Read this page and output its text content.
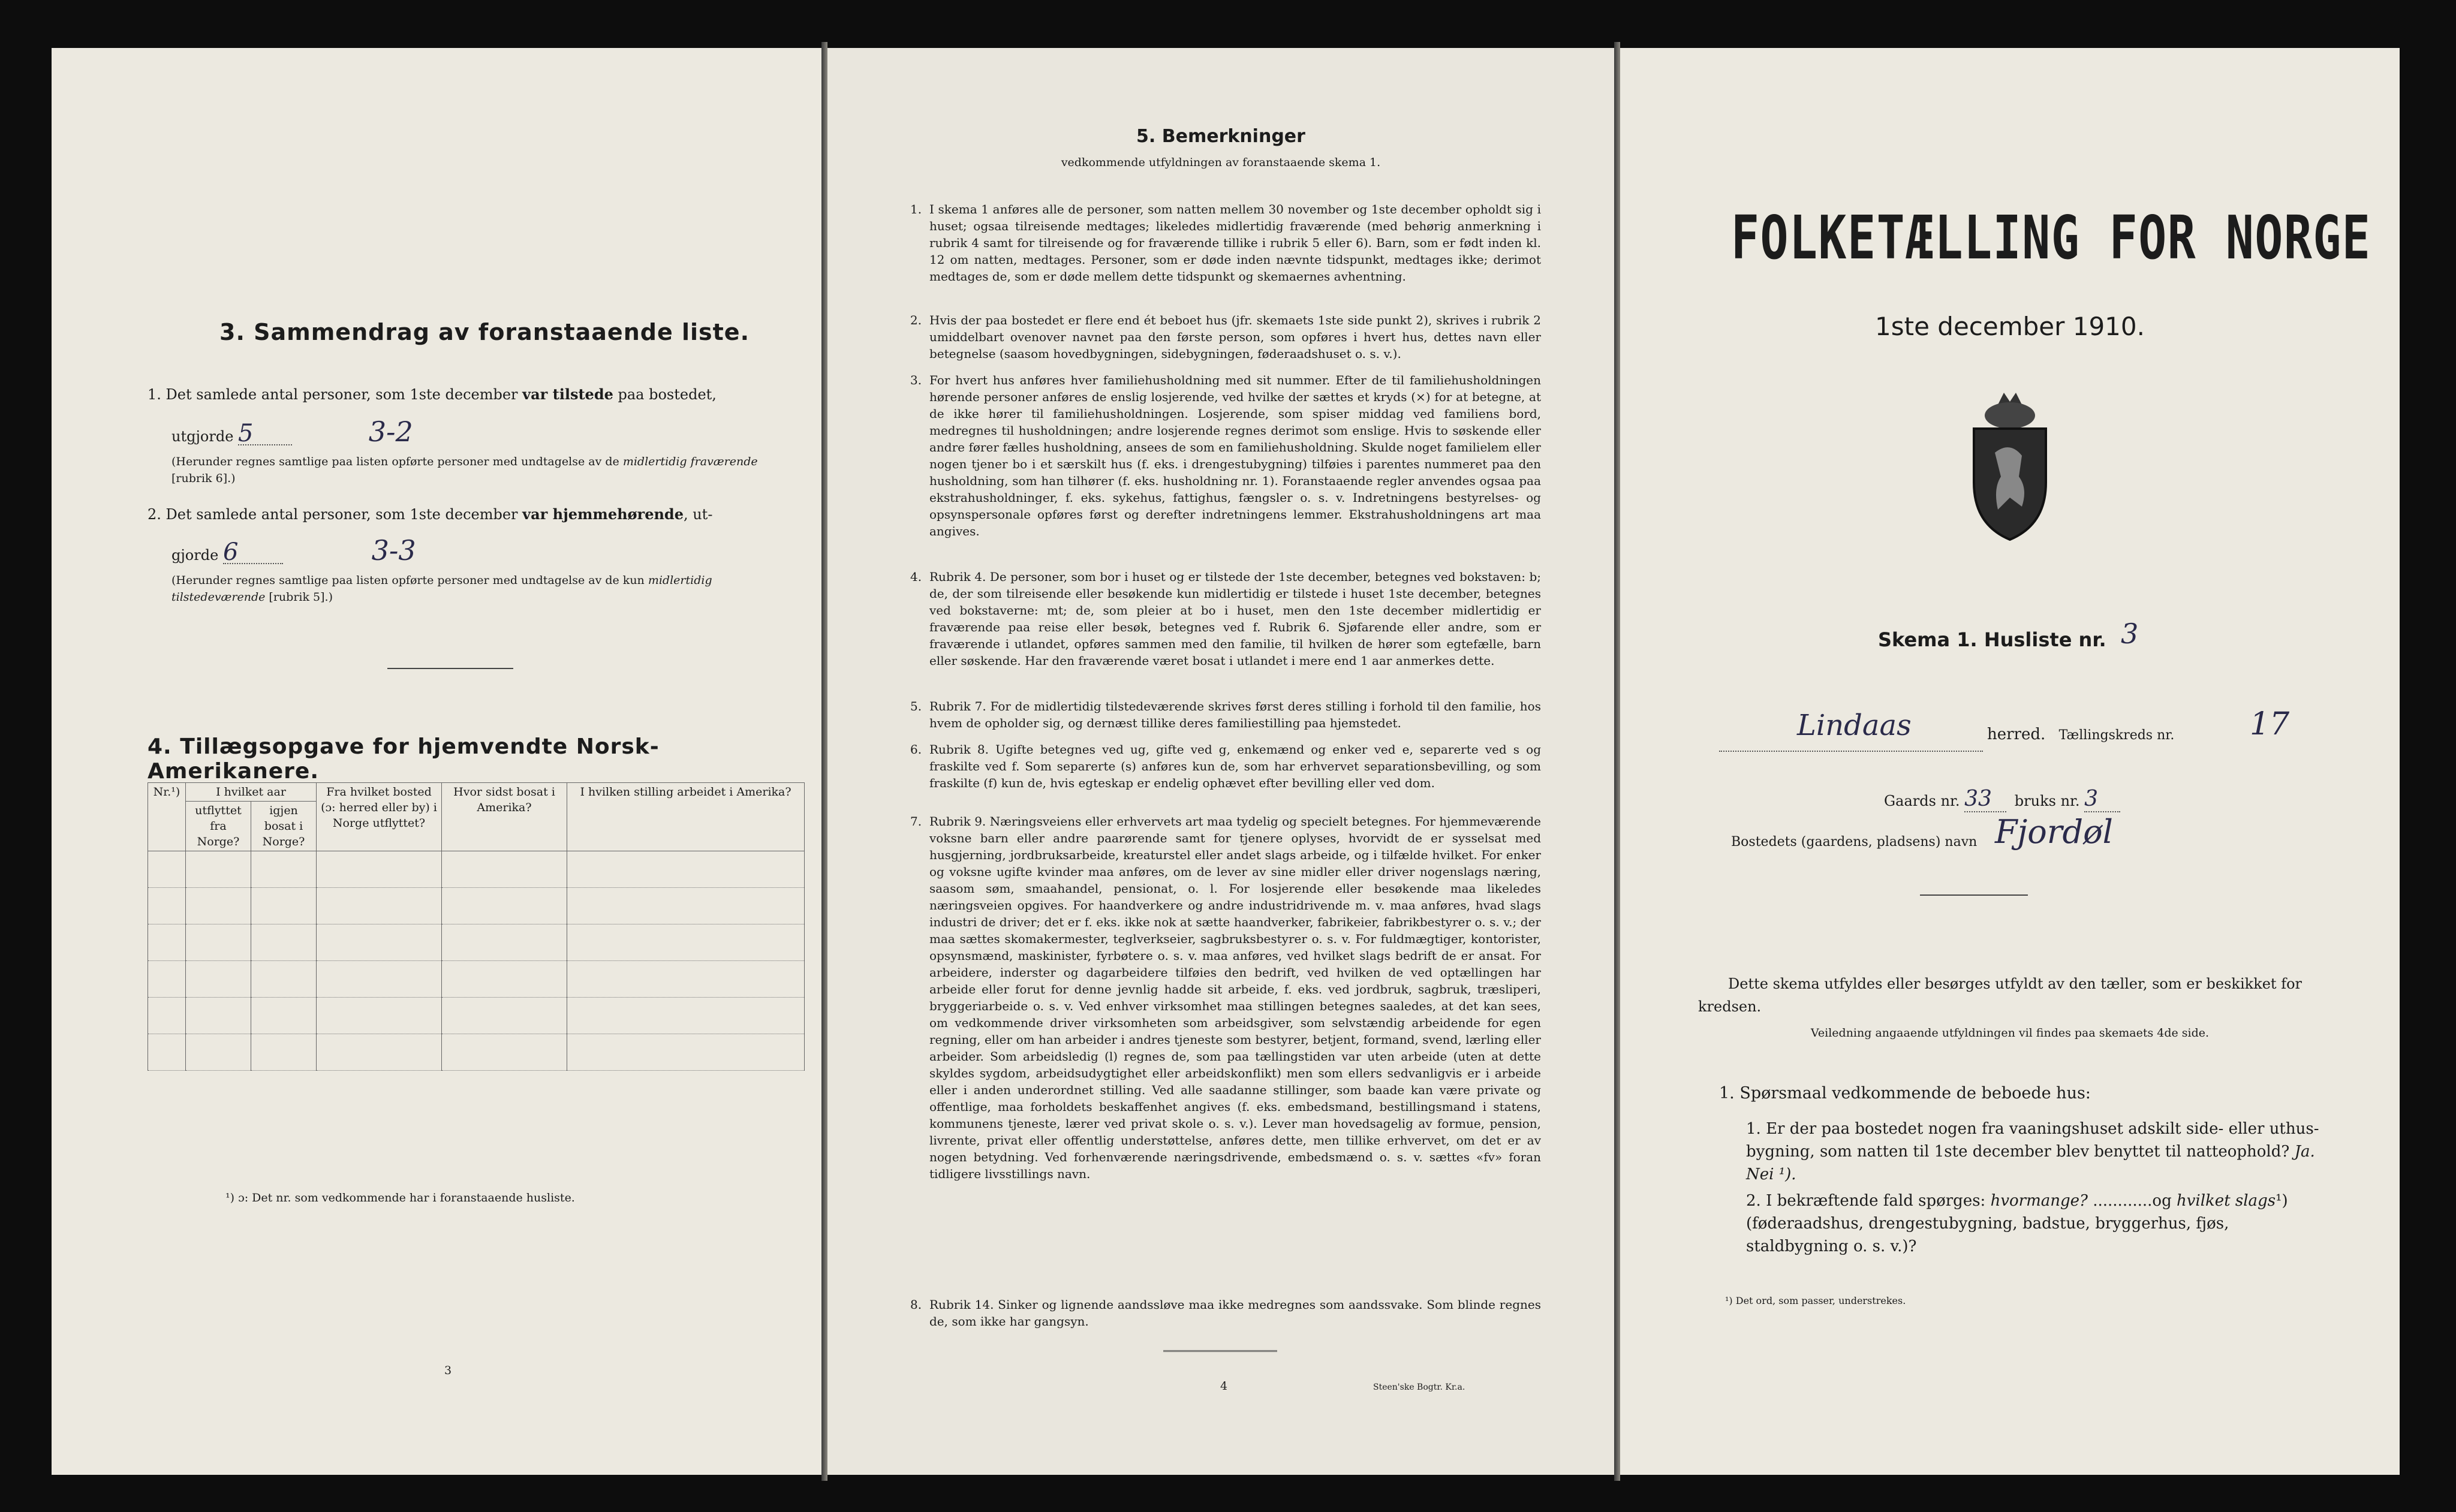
3. Sammendrag av foranstaaende liste.
1. Det samlede antal personer, som 1ste december var tilstede paa bostedet,
utgjorde 5	3-2
(Herunder regnes samtlige paa listen opførte personer med undtagelse av de midlertidig fraværende [rubrik 6].)
2. Det samlede antal personer, som 1ste december var hjemmehørende, ut-
gjorde 6	3-3
(Herunder regnes samtlige paa listen opførte personer med undtagelse av de kun midlertidig tilstedeværende [rubrik 5].)
4. Tillægsopgave for hjemvendte Norsk-Amerikanere.
Nr.¹)	I hvilket aar		Fra hvilket bosted (ɔ: herred eller by) i Norge utflyttet?	Hvor sidst bosat i Amerika?	I hvilken stilling arbeidet i Amerika?
	utflyttet fra Norge?	igjen bosat i Norge?			

¹) ɔ: Det nr. som vedkommende har i foranstaaende husliste.
3
5. Bemerkninger
vedkommende utfyldningen av foranstaaende skema 1.
1. I skema 1 anføres alle de personer, som natten mellem 30 november og 1ste december opholdt sig i huset; ogsaa tilreisende medtages; likeledes midlertidig fraværende (med behørig anmerkning i rubrik 4 samt for tilreisende og for fraværende tillike i rubrik 5 eller 6). Barn, som er født inden kl. 12 om natten, medtages. Personer, som er døde inden nævnte tidspunkt, medtages ikke; derimot medtages de, som er døde mellem dette tidspunkt og skemaernes avhentning.
2. Hvis der paa bostedet er flere end ét beboet hus (jfr. skemaets 1ste side punkt 2), skrives i rubrik 2 umiddelbart ovenover navnet paa den første person, som opføres i hvert hus, dettes navn eller betegnelse (saasom hovedbygningen, sidebygningen, føderaadshuset o. s. v.).
3. For hvert hus anføres hver familiehusholdning med sit nummer. Efter de til familiehusholdningen hørende personer anføres de enslig losjerende, ved hvilke der sættes et kryds (×) for at betegne, at de ikke hører til familiehusholdningen. Losjerende, som spiser middag ved familiens bord, medregnes til husholdningen; andre losjerende regnes derimot som enslige. Hvis to søskende eller andre fører fælles husholdning, ansees de som en familiehusholdning. Skulde noget familielem eller nogen tjener bo i et særskilt hus (f. eks. i drengestubygning) tilføies i parentes nummeret paa den husholdning, som han tilhører (f. eks. husholdning nr. 1). Foranstaaende regler anvendes ogsaa paa ekstrahusholdninger, f. eks. sykehus, fattighus, fængsler o. s. v. Indretningens bestyrelses- og opsynspersonale opføres først og derefter indretningens lemmer. Ekstrahusholdningens art maa angives.
4. Rubrik 4. De personer, som bor i huset og er tilstede der 1ste december, betegnes ved bokstaven: b; de, der som tilreisende eller besøkende kun midlertidig er tilstede i huset 1ste december, betegnes ved bokstaverne: mt; de, som pleier at bo i huset, men den 1ste december midlertidig er fraværende paa reise eller besøk, betegnes ved f. Rubrik 6. Sjøfarende eller andre, som er fraværende i utlandet, opføres sammen med den familie, til hvilken de hører som egtefælle, barn eller søskende. Har den fraværende været bosat i utlandet i mere end 1 aar anmerkes dette.
5. Rubrik 7. For de midlertidig tilstedeværende skrives først deres stilling i forhold til den familie, hos hvem de opholder sig, og dernæst tillike deres familiestilling paa hjemstedet.
6. Rubrik 8. Ugifte betegnes ved ug, gifte ved g, enkemænd og enker ved e, separerte ved s og fraskilte ved f. Som separerte (s) anføres kun de, som har erhvervet separationsbevilling, og som fraskilte (f) kun de, hvis egteskap er endelig ophævet efter bevilling eller ved dom.
7. Rubrik 9. Næringsveiens eller erhvervets art maa tydelig og specielt betegnes. For hjemmeværende voksne barn eller andre paarørende samt for tjenere oplyses, hvorvidt de er sysselsat med husgjerning, jordbruksarbeide, kreaturstel eller andet slags arbeide, og i tilfælde hvilket. For enker og voksne ugifte kvinder maa anføres, om de lever av sine midler eller driver nogenslags næring, saasom søm, smaahandel, pensionat, o. l. For losjerende eller besøkende maa likeledes næringsveien opgives. For haandverkere og andre industridrivende m. v. maa anføres, hvad slags industri de driver; det er f. eks. ikke nok at sætte haandverker, fabrikeier, fabrikbestyrer o. s. v.; der maa sættes skomakermester, teglverkseier, sagbruksbestyrer o. s. v. For fuldmægtiger, kontorister, opsynsmænd, maskinister, fyrbøtere o. s. v. maa anføres, ved hvilket slags bedrift de er ansat. For arbeidere, inderster og dagarbeidere tilføies den bedrift, ved hvilken de ved optællingen har arbeide eller forut for denne jevnlig hadde sit arbeide, f. eks. ved jordbruk, sagbruk, træsliperi, bryggeriarbeide o. s. v. Ved enhver virksomhet maa stillingen betegnes saaledes, at det kan sees, om vedkommende driver virksomheten som arbeidsgiver, som selvstændig arbeidende for egen regning, eller om han arbeider i andres tjeneste som bestyrer, betjent, formand, svend, lærling eller arbeider. Som arbeidsledig (l) regnes de, som paa tællingstiden var uten arbeide (uten at dette skyldes sygdom, arbeidsudygtighet eller arbeidskonflikt) men som ellers sedvanligvis er i arbeide eller i anden underordnet stilling. Ved alle saadanne stillinger, som baade kan være private og offentlige, maa forholdets beskaffenhet angives (f. eks. embedsmand, bestillingsmand i statens, kommunens tjeneste, lærer ved privat skole o. s. v.). Lever man hovedsagelig av formue, pension, livrente, privat eller offentlig understøttelse, anføres dette, men tillike erhvervet, om det er av nogen betydning. Ved forhenværende næringsdrivende, embedsmænd o. s. v. sættes «fv» foran tidligere livsstillings navn.
8. Rubrik 14. Sinker og lignende aandssløve maa ikke medregnes som aandssvake. Som blinde regnes de, som ikke har gangsyn.
4	Steen'ske Bogtr. Kr.a.
FOLKETÆLLING FOR NORGE
1ste december 1910.
Skema 1. Husliste nr. 3
Lindaas	herred. Tællingskreds nr. 17
Gaards nr. 33 bruks nr. 3
Bostedets (gaardens, pladsens) navn Fjordøl
Dette skema utfyldes eller besørges utfyldt av den tæller, som er beskikket for kredsen.
Veiledning angaaende utfyldningen vil findes paa skemaets 4de side.
1. Spørsmaal vedkommende de beboede hus:
1. Er der paa bostedet nogen fra vaaningshuset adskilt side- eller uthus-bygning, som natten til 1ste december blev benyttet til natteophold? Ja. Nei ¹).
2. I bekræftende fald spørges: hvormange? ............og hvilket slags¹) (føderaadshus, drengestubygning, badstue, bryggerhus, fjøs, staldbygning o. s. v.)?
¹) Det ord, som passer, understrekes.
